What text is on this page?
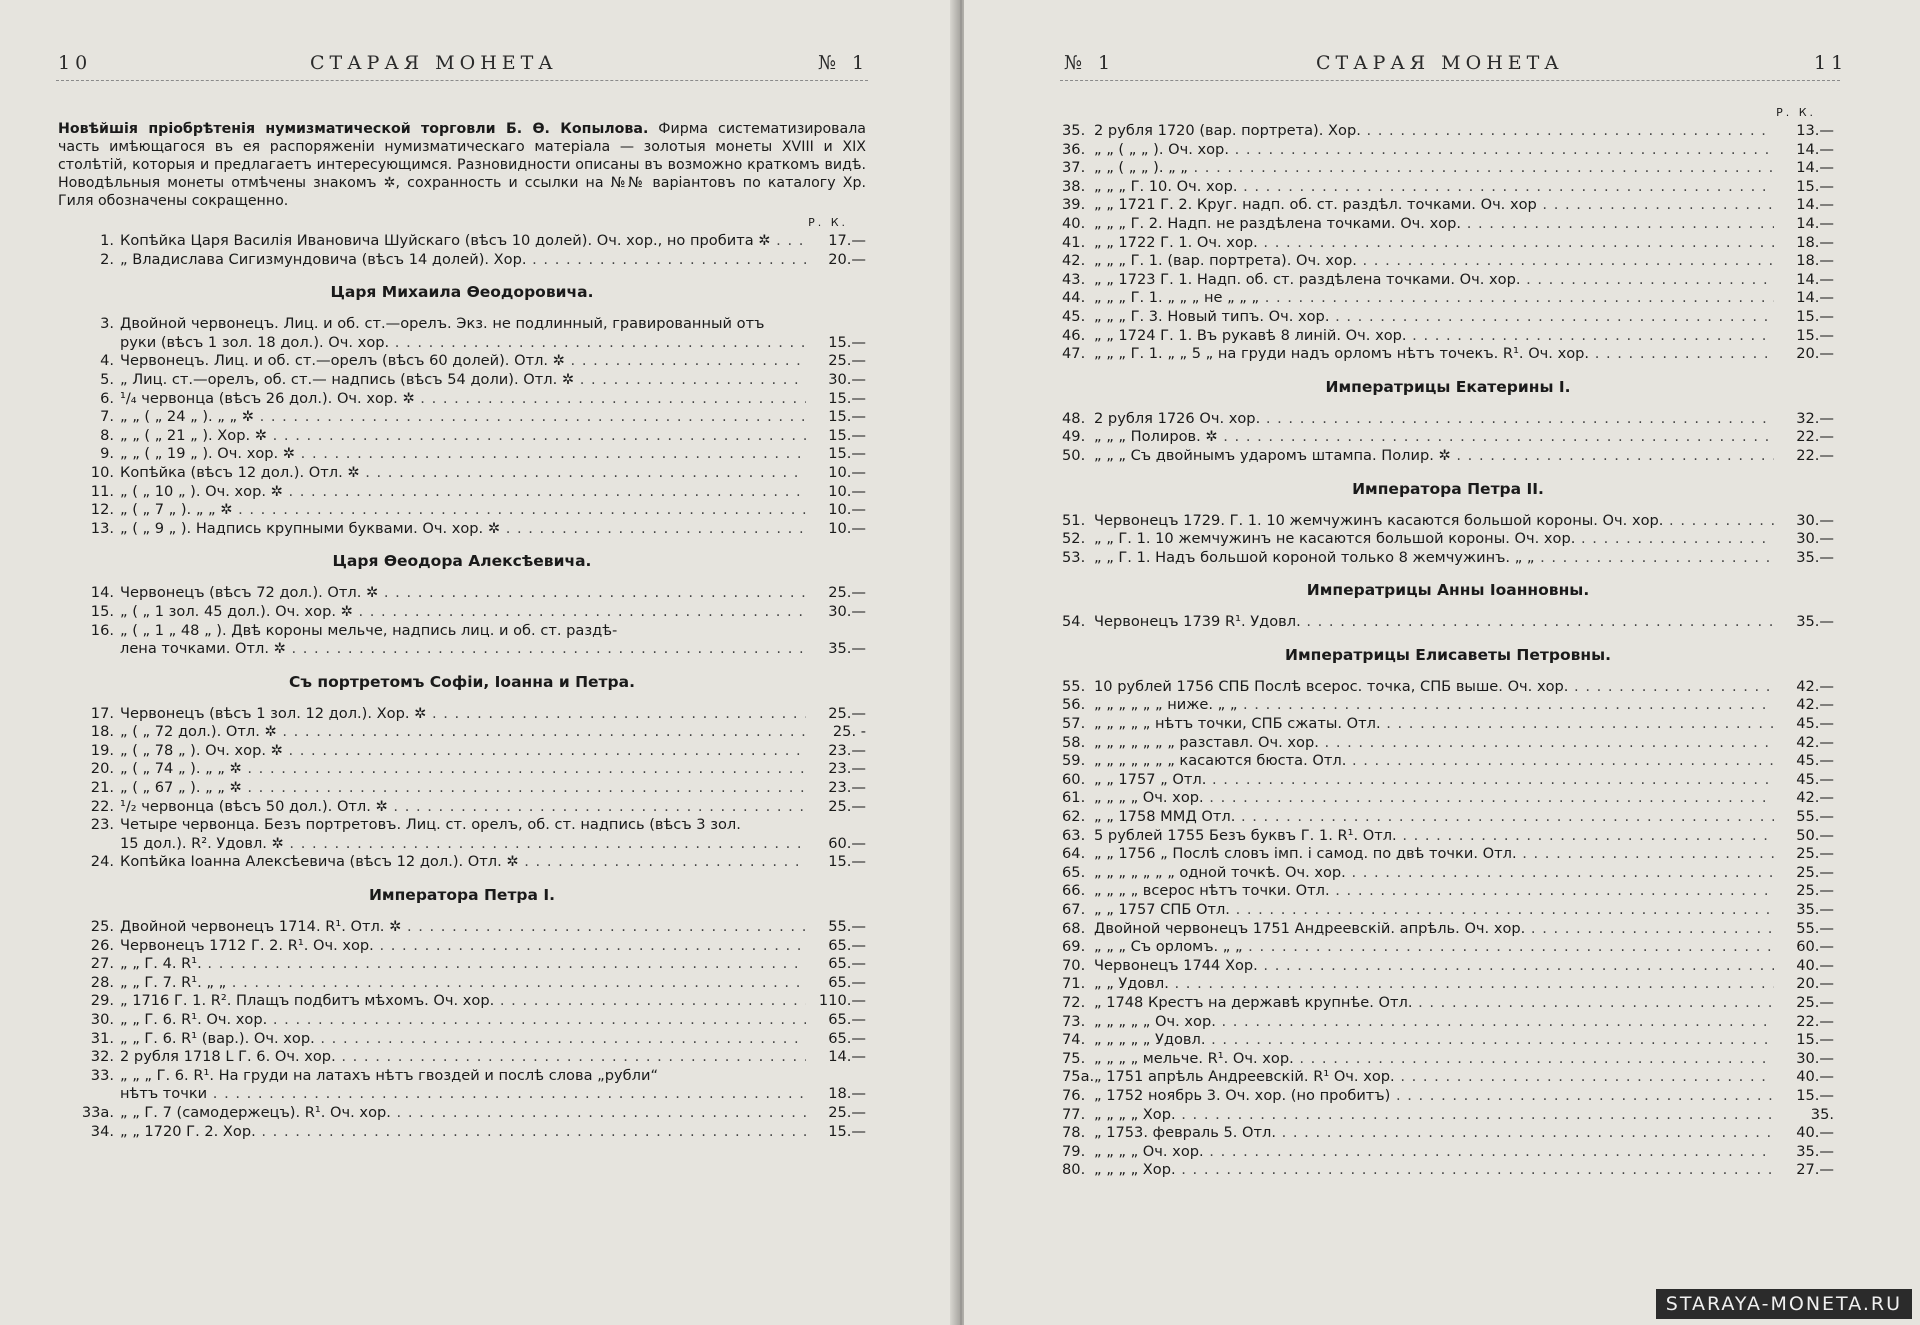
10	СТАРАЯ МОНЕТА	№ 1
Новѣйшія пріобрѣтенія нумизматической торговли Б. Ѳ. Копылова. Фирма систематизировала часть имѣющагося въ ея распоряженіи нумизматическаго матеріала — золотыя монеты XVIII и XIX столѣтій, которыя и предлагаетъ интересующимся. Разновидности описаны въ возможно краткомъ видѣ. Новодѣльныя монеты отмѣчены знакомъ ✲, сохранность и ссылки на №№ варіантовъ по каталогу Хр. Гиля обозначены сокращенно.
Р. К.
1. Копѣйка Царя Василія Ивановича Шуйскаго (вѣсъ 10 долей). Оч. хор., но пробита ✲ . . .	17.—
2. „ Владислава Сигизмундовича (вѣсъ 14 долей). Хор. . . .	20.—
Царя Михаила Ѳеодоровича.
3. Двойной червонецъ. Лиц. и об. ст.—орелъ. Экз. не подлинный, гравированный отъ
руки (вѣсъ 1 зол. 18 дол.). Оч. хор. . . .	15.—
4. Червонецъ. Лиц. и об. ст.—орелъ (вѣсъ 60 долей). Отл. ✲ . . .	25.—
5. „ Лиц. ст.—орелъ, об. ст.— надпись (вѣсъ 54 доли). Отл. ✲ . . .	30.—
6. ¹/₄ червонца (вѣсъ 26 дол.). Оч. хор. ✲ . . .	15.—
7. „ „ ( „ 24 „ ). „ „ ✲ . . .	15.—
8. „ „ ( „ 21 „ ). Хор. ✲ . . .	15.—
9. „ „ ( „ 19 „ ). Оч. хор. ✲ . . .	15.—
10. Копѣйка (вѣсъ 12 дол.). Отл. ✲ . . .	10.—
11. „ ( „ 10 „ ). Оч. хор. ✲ . . .	10.—
12. „ ( „ 7 „ ). „ „ ✲ . . .	10.—
13. „ ( „ 9 „ ). Надпись крупными буквами. Оч. хор. ✲ . . .	10.—
Царя Ѳеодора Алексѣевича.
14. Червонецъ (вѣсъ 72 дол.). Отл. ✲ . . .	25.—
15. „ ( „ 1 зол. 45 дол.). Оч. хор. ✲ . . .	30.—
16. „ ( „ 1 „ 48 „ ). Двѣ короны мельче, надпись лиц. и об. ст. раздѣ-
лена точками. Отл. ✲ . . .	35.—
Съ портретомъ Софіи, Іоанна и Петра.
17. Червонецъ (вѣсъ 1 зол. 12 дол.). Хор. ✲ . . .	25.—
18. „ ( „ 72 дол.). Отл. ✲ . . .	25. -
19. „ ( „ 78 „ ). Оч. хор. ✲ . . .	23.—
20. „ ( „ 74 „ ). „ „ ✲ . . .	23.—
21. „ ( „ 67 „ ). „ „ ✲ . . .	23.—
22. ¹/₂ червонца (вѣсъ 50 дол.). Отл. ✲ . . .	25.—
23. Четыре червонца. Безъ портретовъ. Лиц. ст. орелъ, об. ст. надпись (вѣсъ 3 зол.
15 дол.). R². Удовл. ✲ . . .	60.—
24. Копѣйка Іоанна Алексѣевича (вѣсъ 12 дол.). Отл. ✲ . . .	15.—
Императора Петра I.
25. Двойной червонецъ 1714. R¹. Отл. ✲ . . .	55.—
26. Червонецъ 1712 Г. 2. R¹. Оч. хор. . . .	65.—
27. „ „ Г. 4. R¹. . . .	65.—
28. „ „ Г. 7. R¹. „ „ . . .	65.—
29. „ 1716 Г. 1. R². Плащъ подбитъ мѣхомъ. Оч. хор. . . .	110.—
30. „ „ Г. 6. R¹. Оч. хор. . . .	65.—
31. „ „ Г. 6. R¹ (вар.). Оч. хор. . . .	65.—
32. 2 рубля 1718 L Г. 6. Оч. хор. . . .	14.—
33. „ „ „ Г. 6. R¹. На груди на латахъ нѣтъ гвоздей и послѣ слова „рубли“
нѣтъ точки . . .	18.—
33а. „ „ Г. 7 (самодержецъ). R¹. Оч. хор. . . .	25.—
34. „ „ 1720 Г. 2. Хор. . . .	15.—
№ 1	СТАРАЯ МОНЕТА	11
Р. К.
35. 2 рубля 1720 (вар. портрета). Хор. . . .	13.—
36. „ „ ( „ „ ). Оч. хор. . . .	14.—
37. „ „ ( „ „ ). „ „ . . .	14.—
38. „ „ „ Г. 10. Оч. хор. . . .	15.—
39. „ „ 1721 Г. 2. Круг. надп. об. ст. раздѣл. точками. Оч. хор . . .	14.—
40. „ „ „ Г. 2. Надп. не раздѣлена точками. Оч. хор. . . .	14.—
41. „ „ 1722 Г. 1. Оч. хор. . . .	18.—
42. „ „ „ Г. 1. (вар. портрета). Оч. хор. . . .	18.—
43. „ „ 1723 Г. 1. Надп. об. ст. раздѣлена точками. Оч. хор. . . .	14.—
44. „ „ „ Г. 1. „ „ „ не „ „ „ . . .	14.—
45. „ „ „ Г. 3. Новый типъ. Оч. хор. . . .	15.—
46. „ „ 1724 Г. 1. Въ рукавѣ 8 линій. Оч. хор. . . .	15.—
47. „ „ „ Г. 1. „ „ 5 „ на груди надъ орломъ нѣтъ точекъ. R¹. Оч. хор. . . .	20.—
Императрицы Екатерины I.
48. 2 рубля 1726 Оч. хор. . . .	32.—
49. „ „ „ Полиров. ✲ . . .	22.—
50. „ „ „ Съ двойнымъ ударомъ штампа. Полир. ✲ . . .	22.—
Императора Петра II.
51. Червонецъ 1729. Г. 1. 10 жемчужинъ касаются большой короны. Оч. хор. . . .	30.—
52. „ „ Г. 1. 10 жемчужинъ не касаются большой короны. Оч. хор. . . .	30.—
53. „ „ Г. 1. Надъ большой короной только 8 жемчужинъ. „ „ . . .	35.—
Императрицы Анны Іоанновны.
54. Червонецъ 1739 R¹. Удовл. . . .	35.—
Императрицы Елисаветы Петровны.
55. 10 рублей 1756 СПБ Послѣ всерос. точка, СПБ выше. Оч. хор. . . .	42.—
56. „ „ „ „ „ „ ниже. „ „ . . .	42.—
57. „ „ „ „ „ нѣтъ точки, СПБ сжаты. Отл. . . .	45.—
58. „ „ „ „ „ „ „ разставл. Оч. хор. . . .	42.—
59. „ „ „ „ „ „ „ касаются бюста. Отл. . . .	45.—
60. „ „ 1757 „ Отл. . . .	45.—
61. „ „ „ „ Оч. хор. . . .	42.—
62. „ „ 1758 ММД Отл. . . .	55.—
63. 5 рублей 1755 Безъ буквъ Г. 1. R¹. Отл. . . .	50.—
64. „ „ 1756 „ Послѣ словъ імп. і самод. по двѣ точки. Отл. . . .	25.—
65. „ „ „ „ „ „ „ одной точкѣ. Оч. хор. . . .	25.—
66. „ „ „ „ всерос нѣтъ точки. Отл. . . .	25.—
67. „ „ 1757 СПБ Отл. . . .	35.—
68. Двойной червонецъ 1751 Андреевскій. апрѣль. Оч. хор. . . .	55.—
69. „ „ „ Съ орломъ. „ „ . . .	60.—
70. Червонецъ 1744 Хор. . . .	40.—
71. „ „ Удовл. . . .	20.—
72. „ 1748 Крестъ на державѣ крупнѣе. Отл. . . .	25.—
73. „ „ „ „ „ Оч. хор. . . .	22.—
74. „ „ „ „ „ Удовл. . . .	15.—
75. „ „ „ „ мельче. R¹. Оч. хор. . . .	30.—
75а. „ 1751 апрѣль Андреевскій. R¹ Оч. хор. . . .	40.—
76. „ 1752 ноябрь 3. Оч. хор. (но пробитъ) . . .	15.—
77. „ „ „ „ Хор. . . .	35.
78. „ 1753. февраль 5. Отл. . . .	40.—
79. „ „ „ „ Оч. хор. . . .	35.—
80. „ „ „ „ Хор. . . .	27.—
STARAYA-MONETA.RU
